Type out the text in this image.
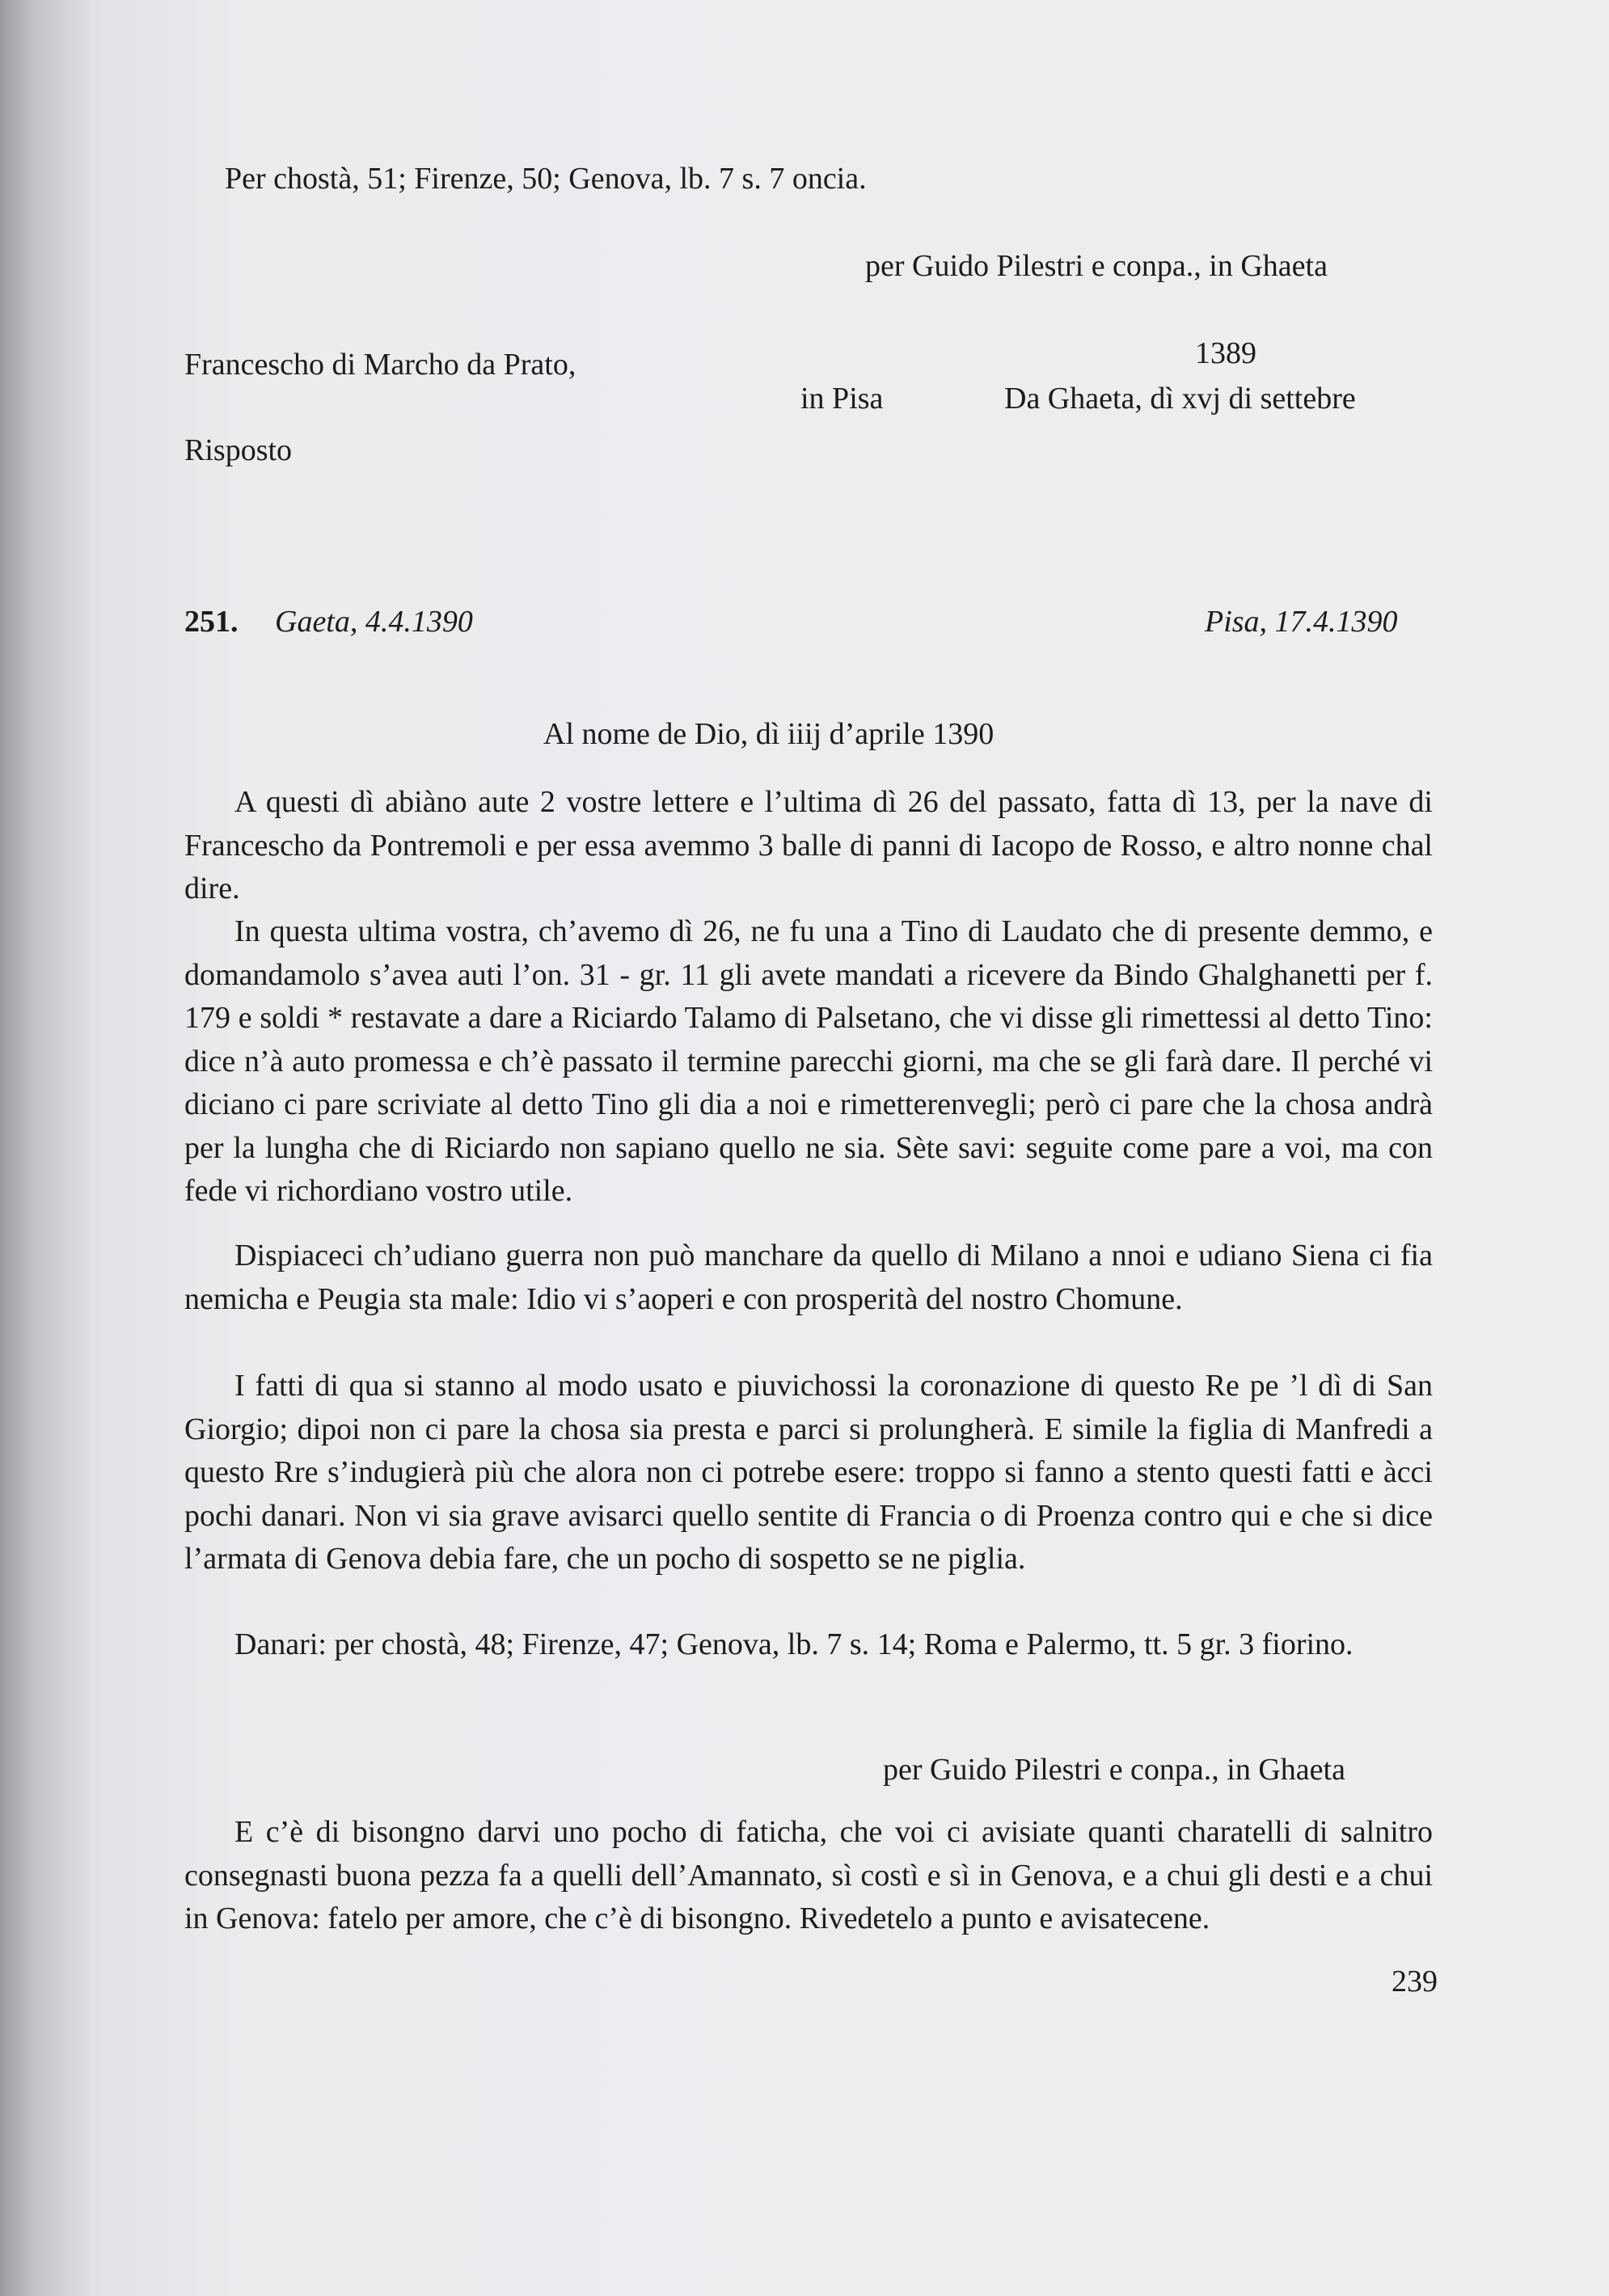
Per chostà, 51; Firenze, 50; Genova, lb. 7 s. 7 oncia.

per Guido Pilestri e conpa., in Ghaeta

Francescho di Marcho da Prato,	1389

in Pisa	Da Ghaeta, dì xvj di settebre

Risposto

251. Gaeta, 4.4.1390	Pisa, 17.4.1390

Al nome de Dio, dì iiij d’aprile 1390

A questi dì abiàno aute 2 vostre lettere e l’ultima dì 26 del passato, fatta dì 13, per la nave di Francescho da Pontremoli e per essa avemmo 3 balle di panni di Iacopo de Rosso, e altro nonne chal dire.

In questa ultima vostra, ch’avemo dì 26, ne fu una a Tino di Laudato che di presente demmo, e domandamolo s’avea auti l’on. 31 - gr. 11 gli avete mandati a ricevere da Bindo Ghalghanetti per f. 179 e soldi * restavate a dare a Riciardo Talamo di Palsetano, che vi disse gli rimettessi al detto Tino: dice n’à auto promessa e ch’è passato il termine parecchi giorni, ma che se gli farà dare. Il perché vi diciano ci pare scriviate al detto Tino gli dia a noi e rimetterenvegli; però ci pare che la chosa andrà per la lungha che di Riciardo non sapiano quello ne sia. Sète savi: seguite come pare a voi, ma con fede vi richordiano vostro utile.

Dispiaceci ch’udiano guerra non può manchare da quello di Milano a nnoi e udiano Siena ci fia nemicha e Peugia sta male: Idio vi s’aoperi e con prosperità del nostro Chomune.

I fatti di qua si stanno al modo usato e piuvichossi la coronazione di questo Re pe ’l dì di San Giorgio; dipoi non ci pare la chosa sia presta e parci si prolungherà. E simile la figlia di Manfredi a questo Rre s’indugierà più che alora non ci potrebe esere: troppo si fanno a stento questi fatti e àcci pochi danari. Non vi sia grave avisarci quello sentite di Francia o di Proenza contro qui e che si dice l’armata di Genova debia fare, che un pocho di sospetto se ne piglia.

Danari: per chostà, 48; Firenze, 47; Genova, lb. 7 s. 14; Roma e Palermo, tt. 5 gr. 3 fiorino.

per Guido Pilestri e conpa., in Ghaeta

E c’è di bisongno darvi uno pocho di faticha, che voi ci avisiate quanti charatelli di salnitro consegnasti buona pezza fa a quelli dell’Amannato, sì costì e sì in Genova, e a chui gli desti e a chui in Genova: fatelo per amore, che c’è di bisongno. Rivedetelo a punto e avisatecene.

239
